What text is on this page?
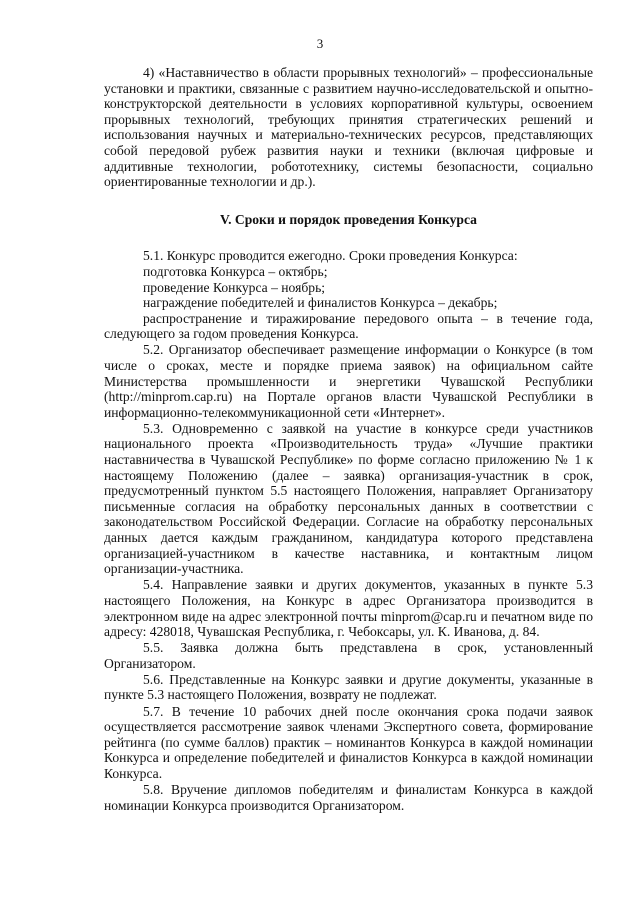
3

4) «Наставничество в области прорывных технологий» – профессиональные установки и практики, связанные с развитием научно-исследовательской и опытно-конструкторской деятельности в условиях корпоративной культуры, освоением прорывных технологий, требующих принятия стратегических решений и использования научных и материально-технических ресурсов, представляющих собой передовой рубеж развития науки и техники (включая цифровые и аддитивные технологии, робототехнику, системы безопасности, социально ориентированные технологии и др.).

V. Сроки и порядок проведения Конкурса

5.1. Конкурс проводится ежегодно. Сроки проведения Конкурса:

подготовка Конкурса – октябрь;

проведение Конкурса – ноябрь;

награждение победителей и финалистов Конкурса – декабрь;

распространение и тиражирование передового опыта – в течение года, следующего за годом проведения Конкурса.

5.2. Организатор обеспечивает размещение информации о Конкурсе (в том числе о сроках, месте и порядке приема заявок) на официальном сайте Министерства промышленности и энергетики Чувашской Республики (http://minprom.cap.ru) на Портале органов власти Чувашской Республики в информационно-телекоммуникационной сети «Интернет».

5.3. Одновременно с заявкой на участие в конкурсе среди участников национального проекта «Производительность труда» «Лучшие практики наставничества в Чувашской Республике» по форме согласно приложению № 1 к настоящему Положению (далее – заявка) организация-участник в срок, предусмотренный пунктом 5.5 настоящего Положения, направляет Организатору письменные согласия на обработку персональных данных в соответствии с законодательством Российской Федерации. Согласие на обработку персональных данных дается каждым гражданином, кандидатура которого представлена организацией-участником в качестве наставника, и контактным лицом организации-участника.

5.4. Направление заявки и других документов, указанных в пункте 5.3 настоящего Положения, на Конкурс в адрес Организатора производится в электронном виде на адрес электронной почты minprom@cap.ru и печатном виде по адресу: 428018, Чувашская Республика, г. Чебоксары, ул. К. Иванова, д. 84.

5.5. Заявка должна быть представлена в срок, установленный Организатором.

5.6. Представленные на Конкурс заявки и другие документы, указанные в пункте 5.3 настоящего Положения, возврату не подлежат.

5.7. В течение 10 рабочих дней после окончания срока подачи заявок осуществляется рассмотрение заявок членами Экспертного совета, формирование рейтинга (по сумме баллов) практик – номинантов Конкурса в каждой номинации Конкурса и определение победителей и финалистов Конкурса в каждой номинации Конкурса.

5.8. Вручение дипломов победителям и финалистам Конкурса в каждой номинации Конкурса производится Организатором.
